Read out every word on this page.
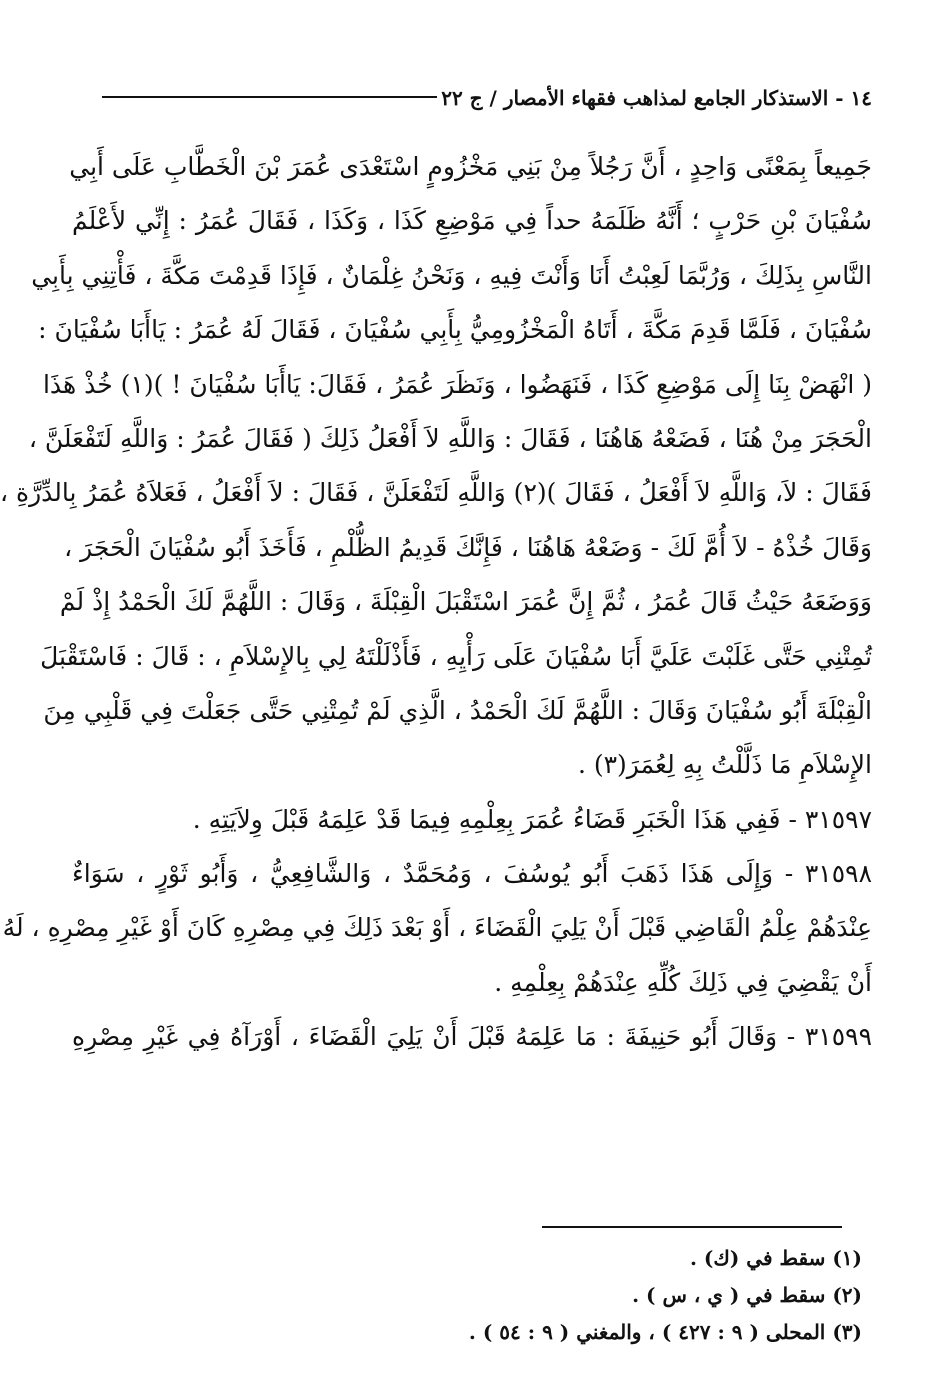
١٤ - الاستذكار الجامع لمذاهب فقهاء الأمصار / ج ٢٢
جَمِيعاً بِمَعْنًى وَاحِدٍ ، أَنَّ رَجُلاً مِنْ بَنِي مَخْزُومٍ اسْتَعْدَى عُمَرَ بْنَ الْخَطَّابِ عَلَى أَبِي
سُفْيَانَ بْنِ حَرْبٍ ؛ أَنَّهُ ظَلَمَهُ حداً فِي مَوْضِعِ كَذَا ، وَكَذَا ، فَقَالَ عُمَرُ : إِنِّي لأَعْلَمُ
النَّاسِ بِذَلِكَ ، وَرُبَّمَا لَعِبْتُ أَنَا وَأَنْتَ فِيهِ ، وَنَحْنُ غِلْمَانٌ ، فَإِذَا قَدِمْتَ مَكَّةَ ، فَأْتِنِي بِأَبِي
سُفْيَانَ ، فَلَمَّا قَدِمَ مَكَّةَ ، أَتَاهُ الْمَخْزُومِيُّ بِأَبِي سُفْيَانَ ، فَقَالَ لَهُ عُمَرُ : يَاأَبَا سُفْيَانَ :
( انْهَضْ بِنَا إِلَى مَوْضِعِ كَذَا ، فَنَهَضُوا ، وَنَظَرَ عُمَرُ ، فَقَالَ: يَاأَبَا سُفْيَانَ ! )(١) خُذْ هَذَا
الْحَجَرَ مِنْ هُنَا ، فَضَعْهُ هَاهُنَا ، فَقَالَ : وَاللَّهِ لاَ أَفْعَلُ ذَلِكَ ( فَقَالَ عُمَرُ : وَاللَّهِ لَتَفْعَلَنَّ ،
فَقَالَ : لاَ، وَاللَّهِ لاَ أَفْعَلُ ، فَقَالَ )(٢) وَاللَّهِ لَتَفْعَلَنَّ ، فَقَالَ : لاَ أَفْعَلُ ، فَعَلاَهُ عُمَرُ بِالدِّرَّةِ ،
وَقَالَ خُذْهُ - لاَ أُمَّ لَكَ - وَضَعْهُ هَاهُنَا ، فَإِنَّكَ قَدِيمُ الظُّلْمِ ، فَأَخَذَ أَبُو سُفْيَانَ الْحَجَرَ ،
وَوَضَعَهُ حَيْثُ قَالَ عُمَرُ ، ثُمَّ إِنَّ عُمَرَ اسْتَقْبَلَ الْقِبْلَةَ ، وَقَالَ : اللَّهُمَّ لَكَ الْحَمْدُ إِذْ لَمْ
تُمِتْنِي حَتَّى غَلَبْتَ عَلَيَّ أَبَا سُفْيَانَ عَلَى رَأْيِهِ ، فَأَذْلَلْتَهُ لِي بِالإِسْلاَمِ ، : قَالَ : فَاسْتَقْبَلَ
الْقِبْلَةَ أَبُو سُفْيَانَ وَقَالَ : اللَّهُمَّ لَكَ الْحَمْدُ ، الَّذِي لَمْ تُمِتْنِي حَتَّى جَعَلْتَ فِي قَلْبِي مِنَ
الإِسْلاَمِ مَا ذَلَّلْتُ بِهِ لِعُمَرَ(٣) .
٣١٥٩٧ - فَفِي هَذَا الْخَبَرِ قَضَاءُ عُمَرَ بِعِلْمِهِ فِيمَا قَدْ عَلِمَهُ قَبْلَ وِلاَيَتِهِ .
٣١٥٩٨ - وَإِلَى هَذَا ذَهَبَ أَبُو يُوسُفَ ، وَمُحَمَّدٌ ، وَالشَّافِعِيُّ ، وَأَبُو ثَوْرٍ ، سَوَاءٌ
عِنْدَهُمْ عِلْمُ الْقَاضِي قَبْلَ أَنْ يَلِيَ الْقَضَاءَ ، أَوْ بَعْدَ ذَلِكَ فِي مِصْرِهِ كَانَ أَوْ غَيْرِ مِصْرِهِ ، لَهُ
أَنْ يَقْضِيَ فِي ذَلِكَ كُلِّهِ عِنْدَهُمْ بِعِلْمِهِ .
٣١٥٩٩ - وَقَالَ أَبُو حَنِيفَةَ : مَا عَلِمَهُ قَبْلَ أَنْ يَلِيَ الْقَضَاءَ ، أَوْرَآهُ فِي غَيْرِ مِصْرِهِ
(١) سقط في (ك) .
(٢) سقط في ( ي ، س ) .
(٣) المحلى ( ٩ : ٤٢٧ ) ، والمغني ( ٩ : ٥٤ ) .
